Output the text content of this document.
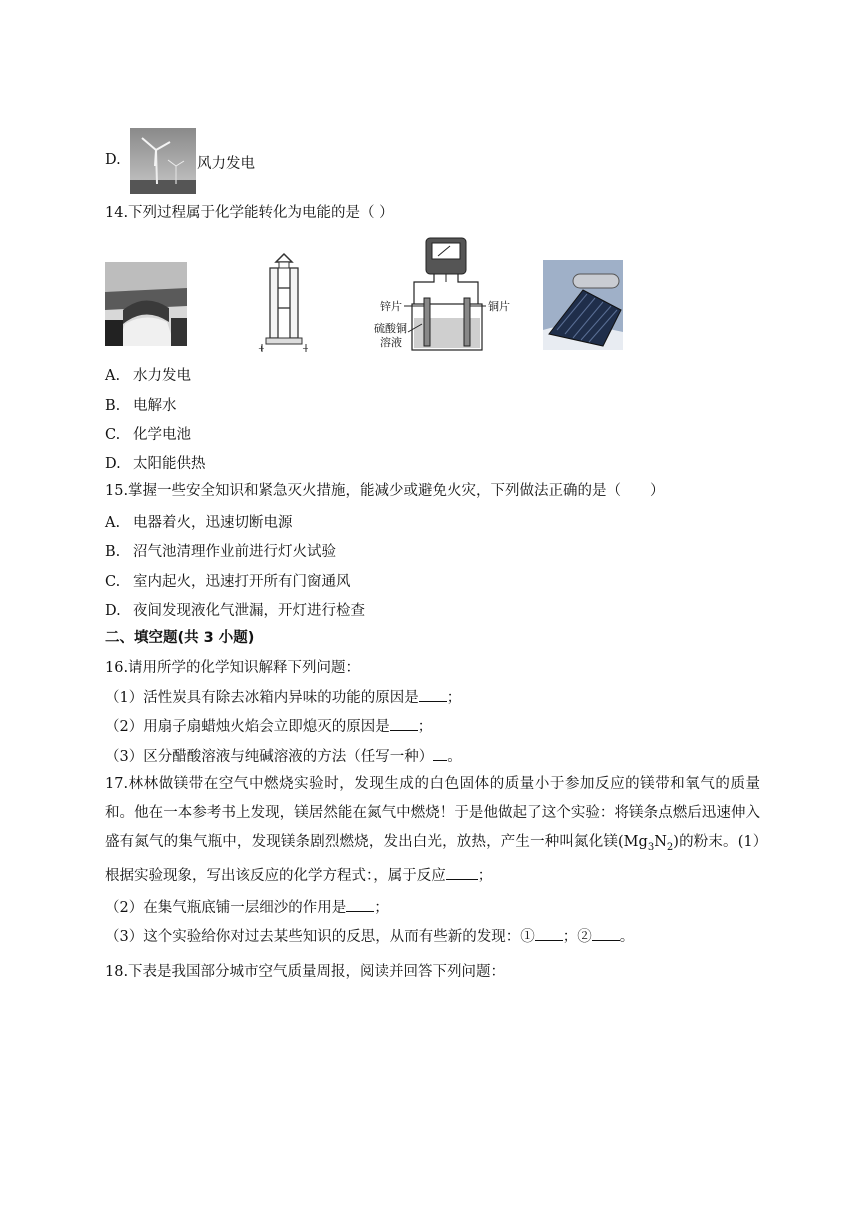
D.	风力发电
14.下列过程属于化学能转化为电能的是（ ）
+	−
锌片	铜片
硫酸铜
溶液
A. 水力发电
B. 电解水
C. 化学电池
D. 太阳能供热
15.掌握一些安全知识和紧急灭火措施，能减少或避免火灾，下列做法正确的是（　　）
A. 电器着火，迅速切断电源
B. 沼气池清理作业前进行灯火试验
C. 室内起火，迅速打开所有门窗通风
D. 夜间发现液化气泄漏，开灯进行检查
二、填空题(共 3 小题)
16.请用所学的化学知识解释下列问题：
（1）活性炭具有除去冰箱内异味的功能的原因是 ；
（2）用扇子扇蜡烛火焰会立即熄灭的原因是 ；
（3）区分醋酸溶液与纯碱溶液的方法（任写一种） 。
17.林林做镁带在空气中燃烧实验时，发现生成的白色固体的质量小于参加反应的镁带和氧气的质量和。他在一本参考书上发现，镁居然能在氮气中燃烧！于是他做起了这个实验：将镁条点燃后迅速伸入盛有氮气的集气瓶中，发现镁条剧烈燃烧，发出白光，放热，产生一种叫氮化镁$(Mg_3N_2)$的粉末。(1）根据实验现象，写出该反应的化学方程式：，属于反应 ；
（2）在集气瓶底铺一层细沙的作用是 ；
（3）这个实验给你对过去某些知识的反思，从而有些新的发现：① ；② 。
18.下表是我国部分城市空气质量周报，阅读并回答下列问题：
